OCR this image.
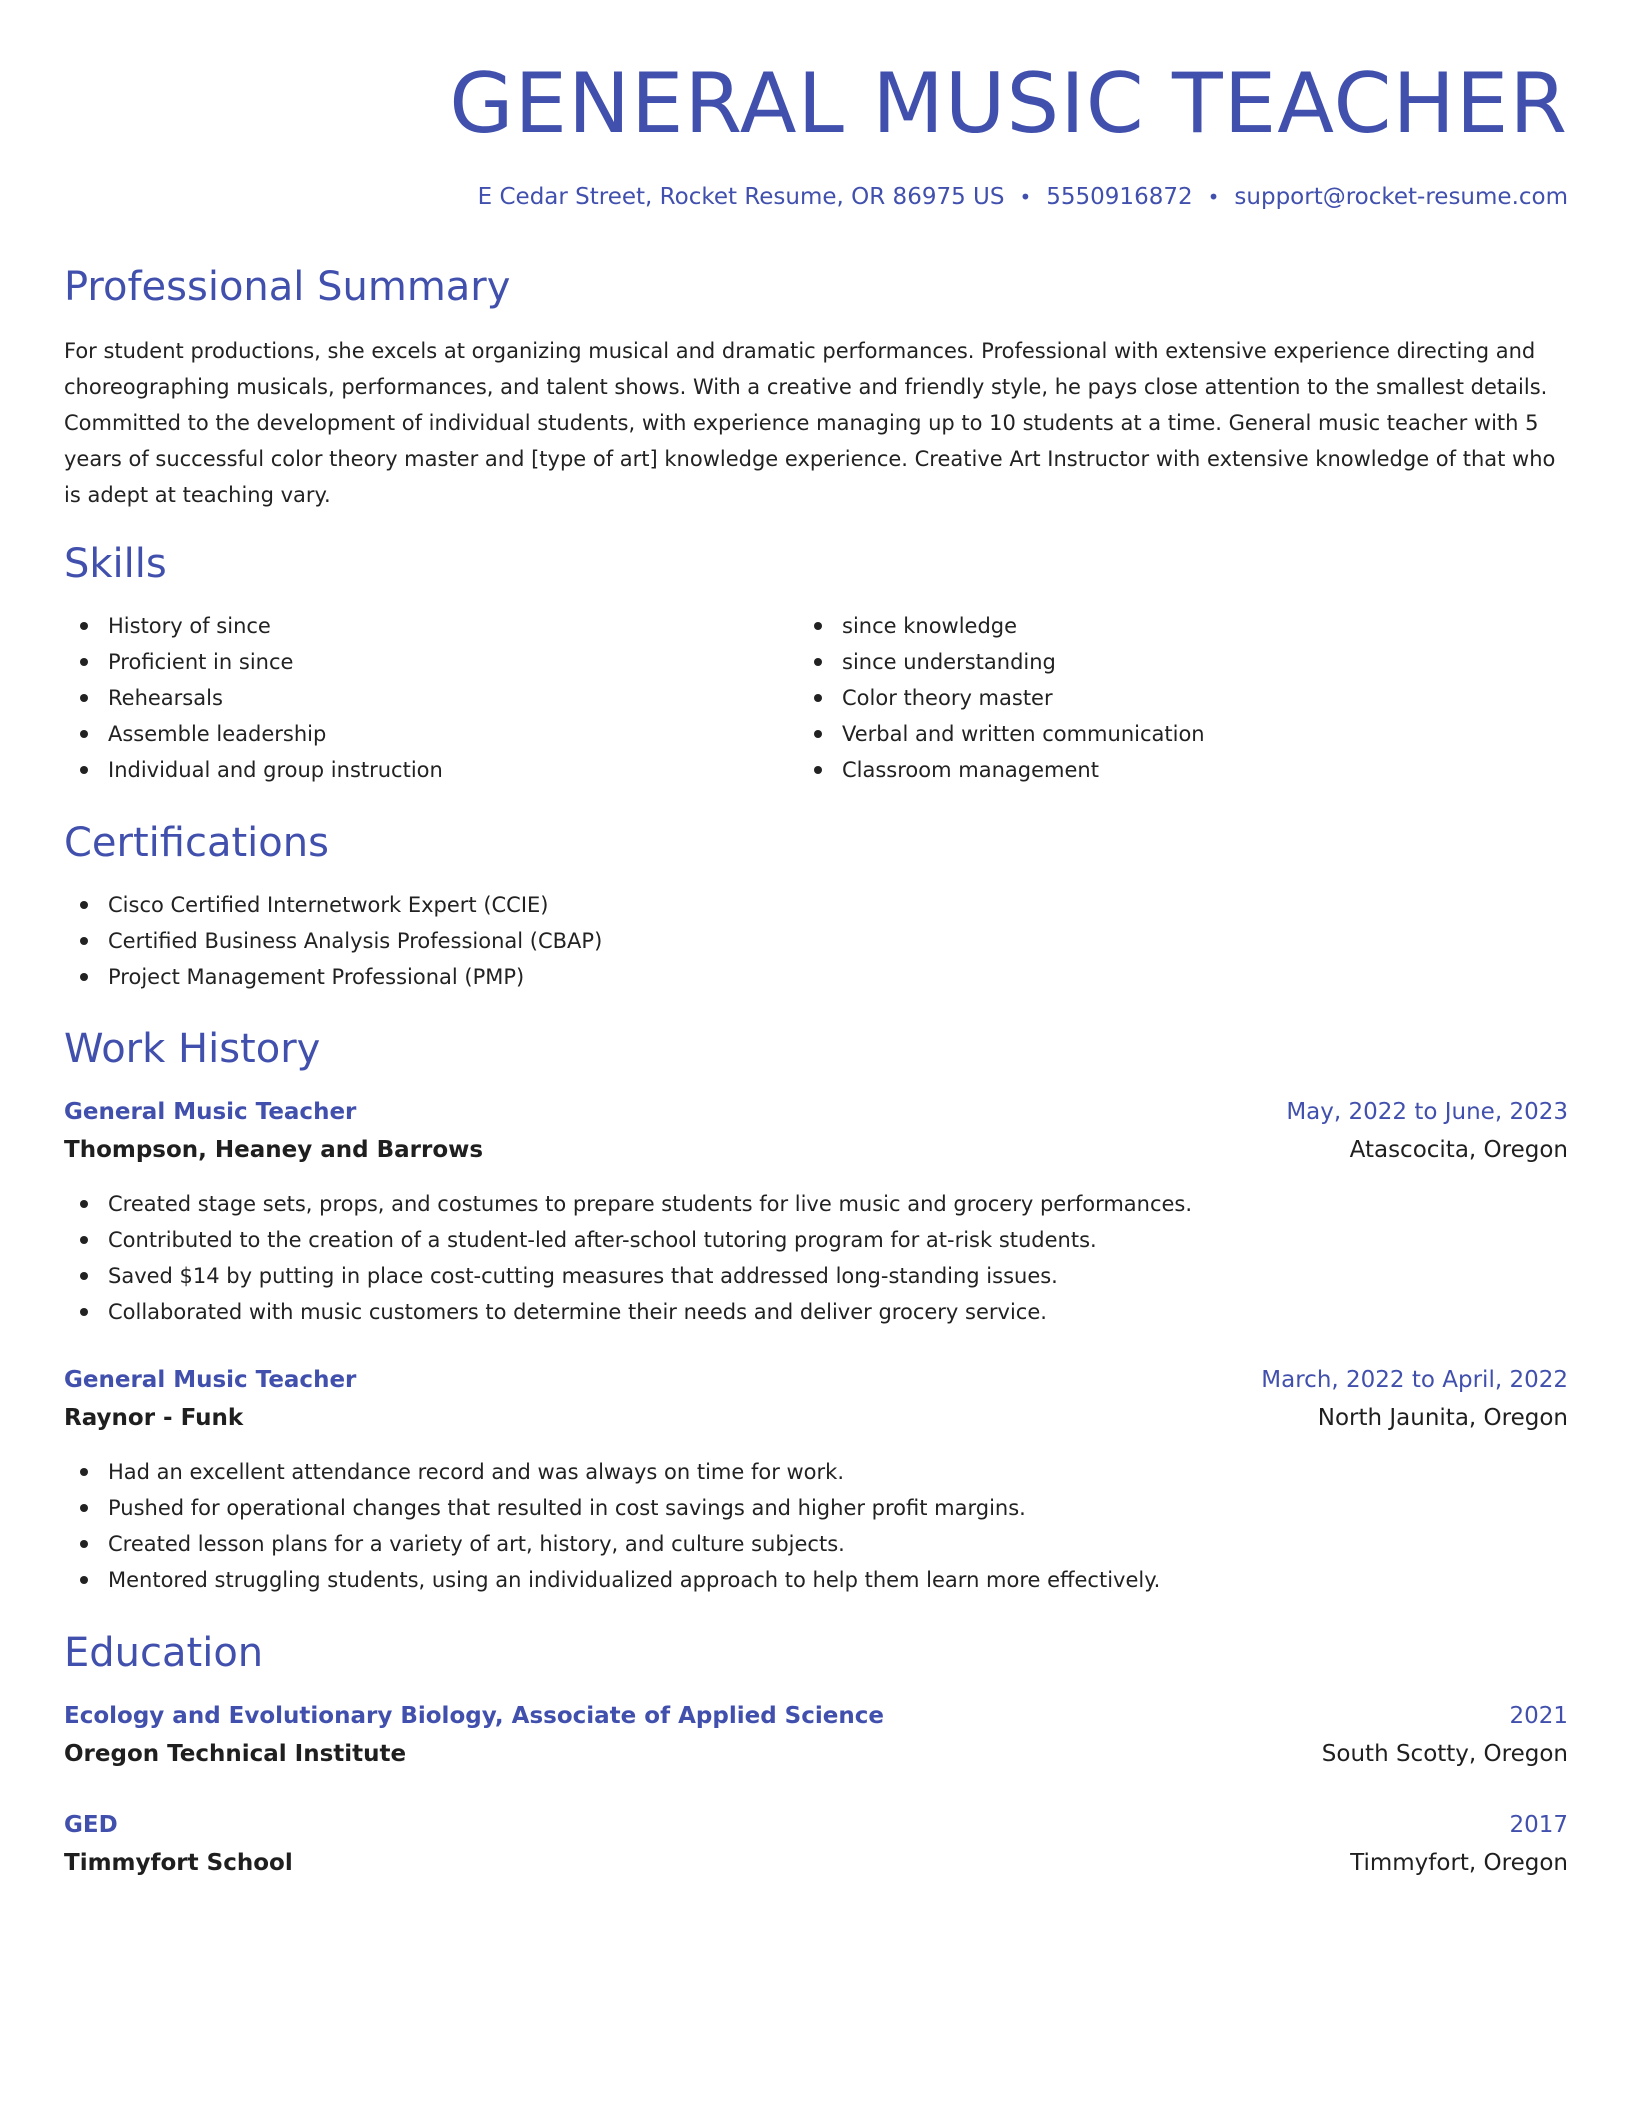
GENERAL MUSIC TEACHER
E Cedar Street, Rocket Resume, OR 86975 US • 5550916872 • support@rocket-resume.com
Professional Summary

For student productions, she excels at organizing musical and dramatic performances. Professional with extensive experience directing and choreographing musicals, performances, and talent shows. With a creative and friendly style, he pays close attention to the smallest details. Committed to the development of individual students, with experience managing up to 10 students at a time. General music teacher with 5 years of successful color theory master and [type of art] knowledge experience. Creative Art Instructor with extensive knowledge of that who is adept at teaching vary.

Skills
History of since
Proficient in since
Rehearsals
Assemble leadership
Individual and group instruction
since knowledge
since understanding
Color theory master
Verbal and written communication
Classroom management
Certifications
Cisco Certified Internetwork Expert (CCIE)
Certified Business Analysis Professional (CBAP)
Project Management Professional (PMP)
Work History
General Music Teacher	May, 2022 to June, 2023
Thompson, Heaney and Barrows	Atascocita, Oregon
Created stage sets, props, and costumes to prepare students for live music and grocery performances.
Contributed to the creation of a student-led after-school tutoring program for at-risk students.
Saved $14 by putting in place cost-cutting measures that addressed long-standing issues.
Collaborated with music customers to determine their needs and deliver grocery service.
General Music Teacher	March, 2022 to April, 2022
Raynor - Funk	North Jaunita, Oregon
Had an excellent attendance record and was always on time for work.
Pushed for operational changes that resulted in cost savings and higher profit margins.
Created lesson plans for a variety of art, history, and culture subjects.
Mentored struggling students, using an individualized approach to help them learn more effectively.
Education
Ecology and Evolutionary Biology, Associate of Applied Science	2021
Oregon Technical Institute	South Scotty, Oregon
GED	2017
Timmyfort School	Timmyfort, Oregon
